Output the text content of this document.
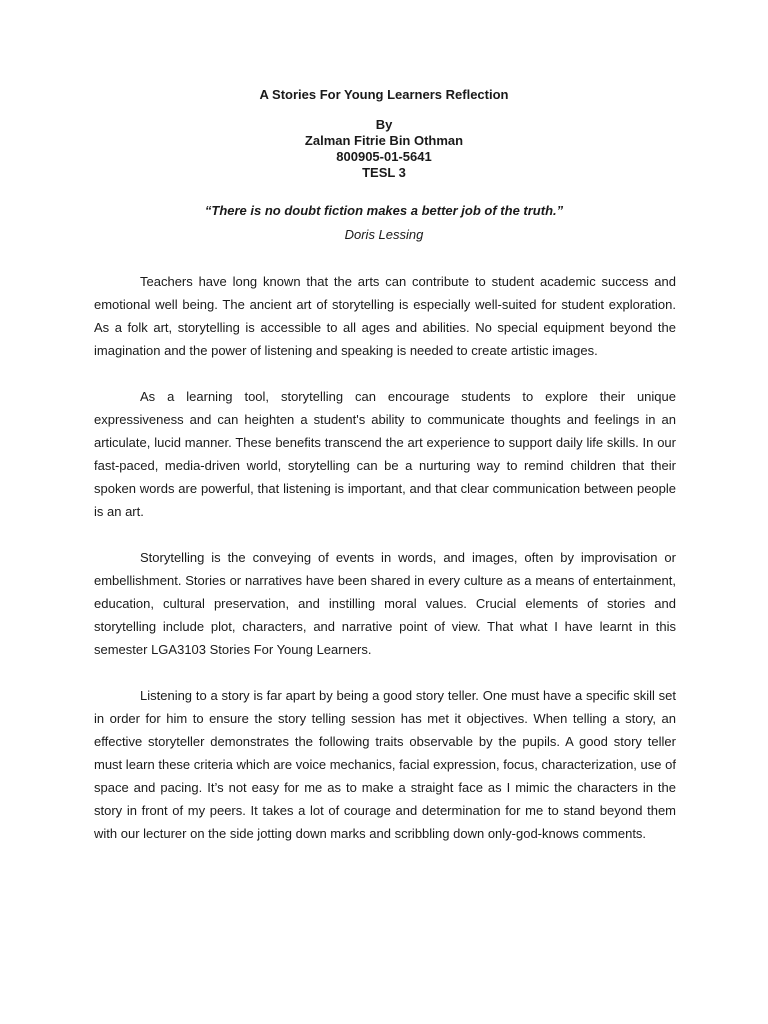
A Stories For Young Learners Reflection
By
Zalman Fitrie Bin Othman
800905-01-5641
TESL 3
“There is no doubt fiction makes a better job of the truth.”
Doris Lessing

Teachers have long known that the arts can contribute to student academic success and emotional well being. The ancient art of storytelling is especially well-suited for student exploration. As a folk art, storytelling is accessible to all ages and abilities. No special equipment beyond the imagination and the power of listening and speaking is needed to create artistic images.

As a learning tool, storytelling can encourage students to explore their unique expressiveness and can heighten a student's ability to communicate thoughts and feelings in an articulate, lucid manner. These benefits transcend the art experience to support daily life skills. In our fast-paced, media-driven world, storytelling can be a nurturing way to remind children that their spoken words are powerful, that listening is important, and that clear communication between people is an art.

Storytelling is the conveying of events in words, and images, often by improvisation or embellishment. Stories or narratives have been shared in every culture as a means of entertainment, education, cultural preservation, and instilling moral values. Crucial elements of stories and storytelling include plot, characters, and narrative point of view. That what I have learnt in this semester LGA3103 Stories For Young Learners.

Listening to a story is far apart by being a good story teller. One must have a specific skill set in order for him to ensure the story telling session has met it objectives. When telling a story, an effective storyteller demonstrates the following traits observable by the pupils. A good story teller must learn these criteria which are voice mechanics, facial expression, focus, characterization, use of space and pacing. It’s not easy for me as to make a straight face as I mimic the characters in the story in front of my peers. It takes a lot of courage and determination for me to stand beyond them with our lecturer on the side jotting down marks and scribbling down only-god-knows comments.
